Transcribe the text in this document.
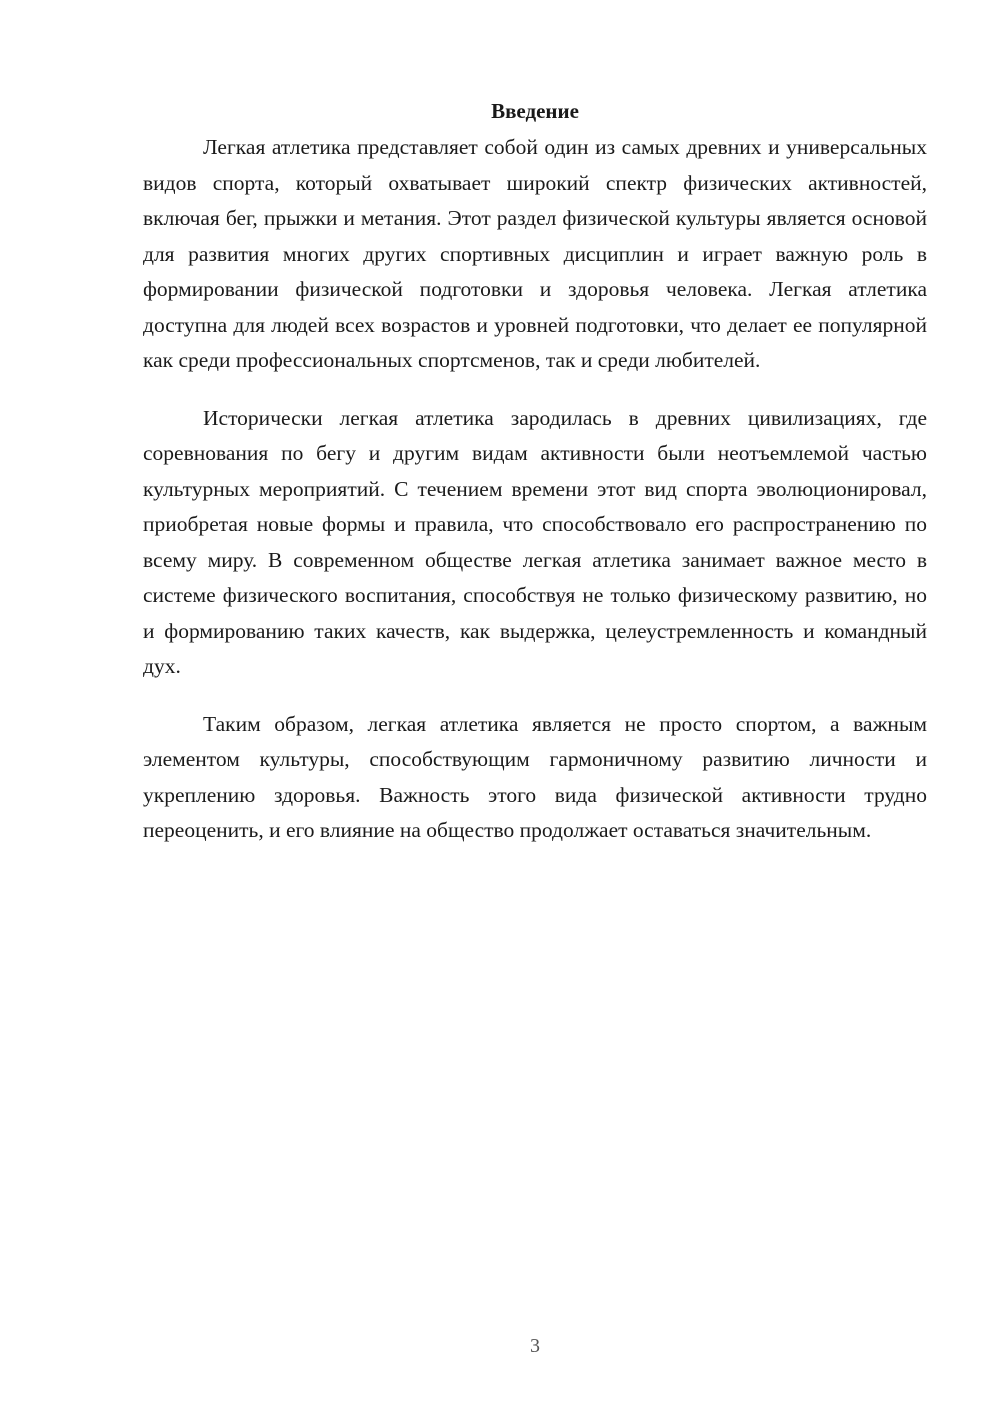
Введение

Легкая атлетика представляет собой один из самых древних и универсальных видов спорта, который охватывает широкий спектр физических активностей, включая бег, прыжки и метания. Этот раздел физической культуры является основой для развития многих других спортивных дисциплин и играет важную роль в формировании физической подготовки и здоровья человека. Легкая атлетика доступна для людей всех возрастов и уровней подготовки, что делает ее популярной как среди профессиональных спортсменов, так и среди любителей.

Исторически легкая атлетика зародилась в древних цивилизациях, где соревнования по бегу и другим видам активности были неотъемлемой частью культурных мероприятий. С течением времени этот вид спорта эволюционировал, приобретая новые формы и правила, что способствовало его распространению по всему миру. В современном обществе легкая атлетика занимает важное место в системе физического воспитания, способствуя не только физическому развитию, но и формированию таких качеств, как выдержка, целеустремленность и командный дух.

Таким образом, легкая атлетика является не просто спортом, а важным элементом культуры, способствующим гармоничному развитию личности и укреплению здоровья. Важность этого вида физической активности трудно переоценить, и его влияние на общество продолжает оставаться значительным.

3
